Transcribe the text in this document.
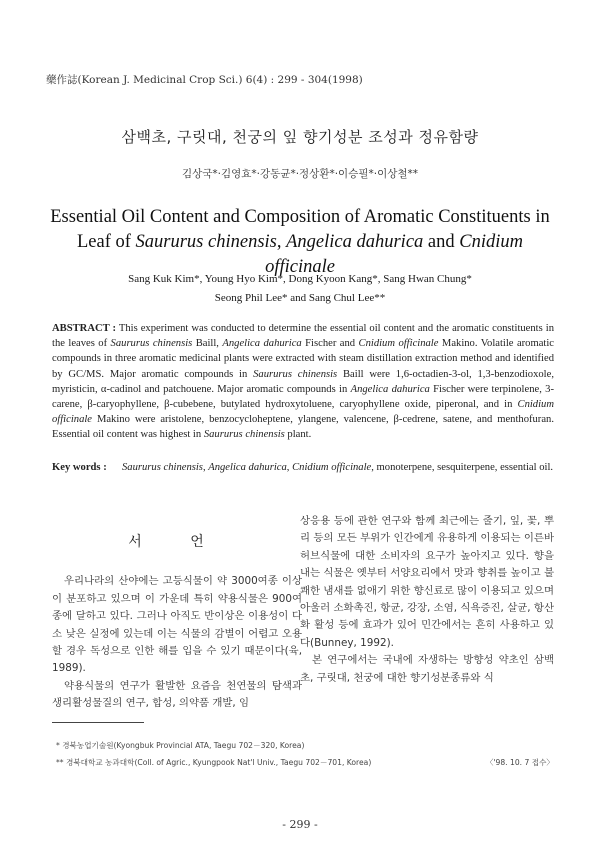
藥作誌(Korean J. Medicinal Crop Sci.) 6(4) : 299 - 304(1998)
삼백초, 구릿대, 천궁의 잎 향기성분 조성과 정유함량
김상국*·김영효*·강동균*·정상환*·이승필*·이상철**
Essential Oil Content and Composition of Aromatic Constituents in
Leaf of Saururus chinensis, Angelica dahurica and Cnidium officinale
Sang Kuk Kim*, Young Hyo Kim*, Dong Kyoon Kang*, Sang Hwan Chung*
Seong Phil Lee* and Sang Chul Lee**
ABSTRACT : This experiment was conducted to determine the essential oil content and the aromatic constituents in the leaves of Saururus chinensis Baill, Angelica dahurica Fischer and Cnidium officinale Makino. Volatile aromatic compounds in three aromatic medicinal plants were extracted with steam distillation extraction method and identified by GC/MS. Major aromatic compounds in Saururus chinensis Baill were 1,6-octadien-3-ol, 1,3-benzodioxole, myristicin, α-cadinol and patchouene. Major aromatic compounds in Angelica dahurica Fischer were terpinolene, 3-carene, β-caryophyllene, β-cubebene, butylated hydroxytoluene, caryophyllene oxide, piperonal, and in Cnidium officinale Makino were aristolene, benzocycloheptene, ylangene, valencene, β-cedrene, satene, and menthofuran. Essential oil content was highest in Saururus chinensis plant.
Key words :	Saururus chinensis, Angelica dahurica, Cnidium officinale, monoterpene, sesquiterpene, essential oil.
서 언

우리나라의 산야에는 고등식물이 약 3000여종 이상이 분포하고 있으며 이 가운데 특히 약용식물은 900여종에 달하고 있다. 그러나 아직도 반이상은 이용성이 다소 낮은 실정에 있는데 이는 식물의 감별이 어렵고 오용할 경우 독성으로 인한 해를 입을 수 있기 때문이다(육, 1989).

약용식물의 연구가 활발한 요즘음 천연물의 탐색과 생리활성물질의 연구, 합성, 의약품 개발, 임

상응용 등에 관한 연구와 함께 최근에는 줄기, 잎, 꽃, 뿌리 등의 모든 부위가 인간에게 유용하게 이용되는 이른바 허브식물에 대한 소비자의 요구가 높아지고 있다. 향을 내는 식물은 옛부터 서양요리에서 맛과 향취를 높이고 불쾌한 냄새를 없애기 위한 향신료로 많이 이용되고 있으며 아울러 소화촉진, 항균, 강장, 소염, 식욕증진, 살균, 항산화 활성 등에 효과가 있어 민간에서는 흔히 사용하고 있다(Bunney, 1992).

본 연구에서는 국내에 자생하는 방향성 약초인 삼백초, 구릿대, 천궁에 대한 향기성분종류와 식

* 경북농업기술원(Kyongbuk Provincial ATA, Taegu 702－320, Korea)
** 경북대학교 농과대학(Coll. of Agric., Kyungpook Nat'l Univ., Taegu 702－701, Korea)	〈'98. 10. 7 접수〉
- 299 -
